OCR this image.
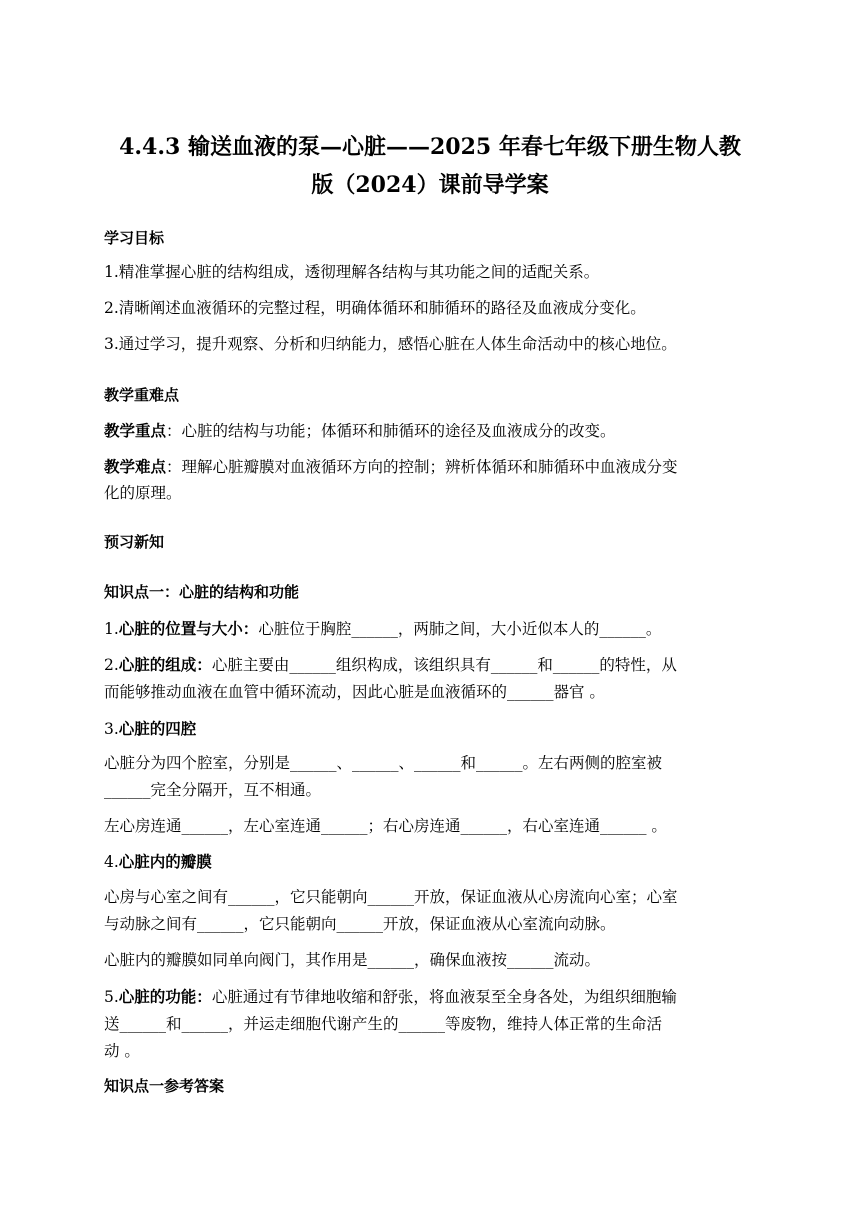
4.4.3 输送血液的泵—心脏——2025 年春七年级下册生物人教
版（2024）课前导学案
学习目标
1.精准掌握心脏的结构组成，透彻理解各结构与其功能之间的适配关系。
2.清晰阐述血液循环的完整过程，明确体循环和肺循环的路径及血液成分变化。
3.通过学习，提升观察、分析和归纳能力，感悟心脏在人体生命活动中的核心地位。
教学重难点
教学重点：心脏的结构与功能；体循环和肺循环的途径及血液成分的改变。
教学难点：理解心脏瓣膜对血液循环方向的控制；辨析体循环和肺循环中血液成分变
化的原理。
预习新知
知识点一：心脏的结构和功能
1.心脏的位置与大小：心脏位于胸腔______，两肺之间，大小近似本人的______。
2.心脏的组成：心脏主要由______组织构成，该组织具有______和______的特性，从
而能够推动血液在血管中循环流动，因此心脏是血液循环的______器官 。
3.心脏的四腔
心脏分为四个腔室，分别是______、______、______和______。左右两侧的腔室被
______完全分隔开，互不相通。
左心房连通______，左心室连通______；右心房连通______，右心室连通______ 。
4.心脏内的瓣膜
心房与心室之间有______，它只能朝向______开放，保证血液从心房流向心室；心室
与动脉之间有______，它只能朝向______开放，保证血液从心室流向动脉。
心脏内的瓣膜如同单向阀门，其作用是______，确保血液按______流动。
5.心脏的功能：心脏通过有节律地收缩和舒张，将血液泵至全身各处，为组织细胞输
送______和______，并运走细胞代谢产生的______等废物，维持人体正常的生命活
动 。
知识点一参考答案
